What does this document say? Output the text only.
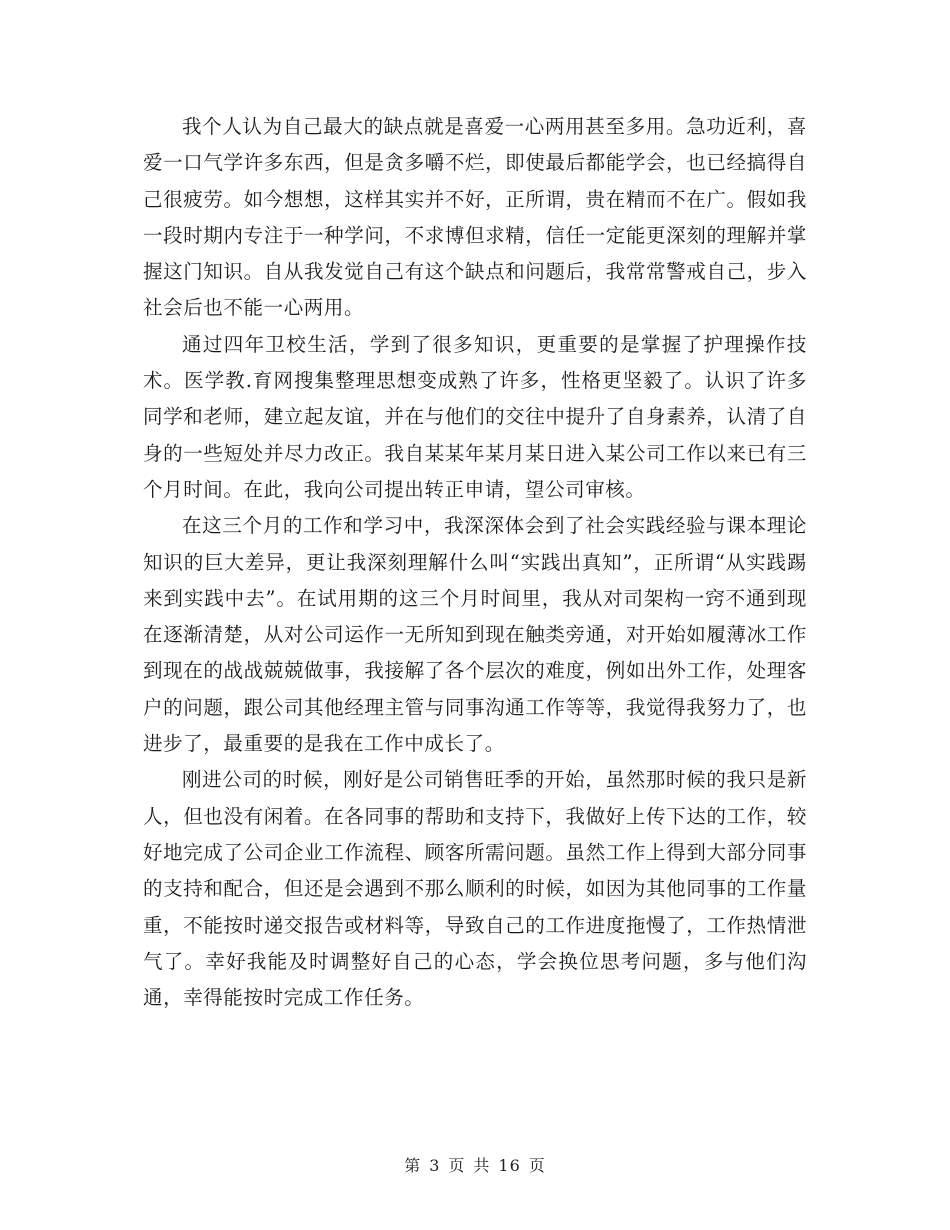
我个人认为自己最大的缺点就是喜爱一心两用甚至多用。急功近利，喜爱一口气学许多东西，但是贪多嚼不烂，即使最后都能学会，也已经搞得自己很疲劳。如今想想，这样其实并不好，正所谓，贵在精而不在广。假如我一段时期内专注于一种学问，不求博但求精，信任一定能更深刻的理解并掌握这门知识。自从我发觉自己有这个缺点和问题后，我常常警戒自己，步入社会后也不能一心两用。

通过四年卫校生活，学到了很多知识，更重要的是掌握了护理操作技术。医学教.育网搜集整理思想变成熟了许多，性格更坚毅了。认识了许多同学和老师，建立起友谊，并在与他们的交往中提升了自身素养，认清了自身的一些短处并尽力改正。我自某某年某月某日进入某公司工作以来已有三个月时间。在此，我向公司提出转正申请，望公司审核。

在这三个月的工作和学习中，我深深体会到了社会实践经验与课本理论知识的巨大差异，更让我深刻理解什么叫“实践出真知”，正所谓“从实践踢来到实践中去”。在试用期的这三个月时间里，我从对司架构一窍不通到现在逐渐清楚，从对公司运作一无所知到现在触类旁通，对开始如履薄冰工作到现在的战战兢兢做事，我接解了各个层次的难度，例如出外工作，处理客户的问题，跟公司其他经理主管与同事沟通工作等等，我觉得我努力了，也进步了，最重要的是我在工作中成长了。

刚进公司的时候，刚好是公司销售旺季的开始，虽然那时候的我只是新人，但也没有闲着。在各同事的帮助和支持下，我做好上传下达的工作，较好地完成了公司企业工作流程、顾客所需问题。虽然工作上得到大部分同事的支持和配合，但还是会遇到不那么顺利的时候，如因为其他同事的工作量重，不能按时递交报告或材料等，导致自己的工作进度拖慢了，工作热情泄气了。幸好我能及时调整好自己的心态，学会换位思考问题，多与他们沟通，幸得能按时完成工作任务。

第 3 页 共 16 页
